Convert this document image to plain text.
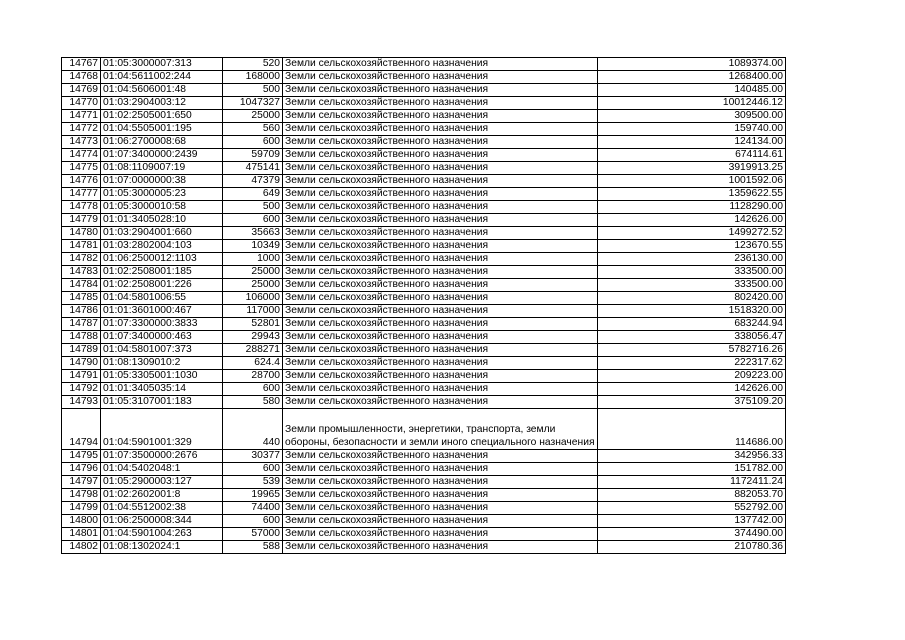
14767	01:05:3000007:313	520	Земли сельскохозяйственного назначения	1089374.00
14768	01:04:5611002:244	168000	Земли сельскохозяйственного назначения	1268400.00
14769	01:04:5606001:48	500	Земли сельскохозяйственного назначения	140485.00
14770	01:03:2904003:12	1047327	Земли сельскохозяйственного назначения	10012446.12
14771	01:02:2505001:650	25000	Земли сельскохозяйственного назначения	309500.00
14772	01:04:5505001:195	560	Земли сельскохозяйственного назначения	159740.00
14773	01:06:2700008:68	600	Земли сельскохозяйственного назначения	124134.00
14774	01:07:3400000:2439	59709	Земли сельскохозяйственного назначения	674114.61
14775	01:08:1109007:19	475141	Земли сельскохозяйственного назначения	3919913.25
14776	01:07:0000000:38	47379	Земли сельскохозяйственного назначения	1001592.06
14777	01:05:3000005:23	649	Земли сельскохозяйственного назначения	1359622.55
14778	01:05:3000010:58	500	Земли сельскохозяйственного назначения	1128290.00
14779	01:01:3405028:10	600	Земли сельскохозяйственного назначения	142626.00
14780	01:03:2904001:660	35663	Земли сельскохозяйственного назначения	1499272.52
14781	01:03:2802004:103	10349	Земли сельскохозяйственного назначения	123670.55
14782	01:06:2500012:1103	1000	Земли сельскохозяйственного назначения	236130.00
14783	01:02:2508001:185	25000	Земли сельскохозяйственного назначения	333500.00
14784	01:02:2508001:226	25000	Земли сельскохозяйственного назначения	333500.00
14785	01:04:5801006:55	106000	Земли сельскохозяйственного назначения	802420.00
14786	01:01:3601000:467	117000	Земли сельскохозяйственного назначения	1518320.00
14787	01:07:3300000:3833	52801	Земли сельскохозяйственного назначения	683244.94
14788	01:07:3400000:463	29943	Земли сельскохозяйственного назначения	338056.47
14789	01:04:5801007:373	288271	Земли сельскохозяйственного назначения	5782716.26
14790	01:08:1309010:2	624.4	Земли сельскохозяйственного назначения	222317.62
14791	01:05:3305001:1030	28700	Земли сельскохозяйственного назначения	209223.00
14792	01:01:3405035:14	600	Земли сельскохозяйственного назначения	142626.00
14793	01:05:3107001:183	580	Земли сельскохозяйственного назначения	375109.20
14794	01:04:5901001:329	440	Земли промышленности, энергетики, транспорта, земли обороны, безопасности и земли иного специального назначения	114686.00
14795	01:07:3500000:2676	30377	Земли сельскохозяйственного назначения	342956.33
14796	01:04:5402048:1	600	Земли сельскохозяйственного назначения	151782.00
14797	01:05:2900003:127	539	Земли сельскохозяйственного назначения	1172411.24
14798	01:02:2602001:8	19965	Земли сельскохозяйственного назначения	882053.70
14799	01:04:5512002:38	74400	Земли сельскохозяйственного назначения	552792.00
14800	01:06:2500008:344	600	Земли сельскохозяйственного назначения	137742.00
14801	01:04:5901004:263	57000	Земли сельскохозяйственного назначения	374490.00
14802	01:08:1302024:1	588	Земли сельскохозяйственного назначения	210780.36
